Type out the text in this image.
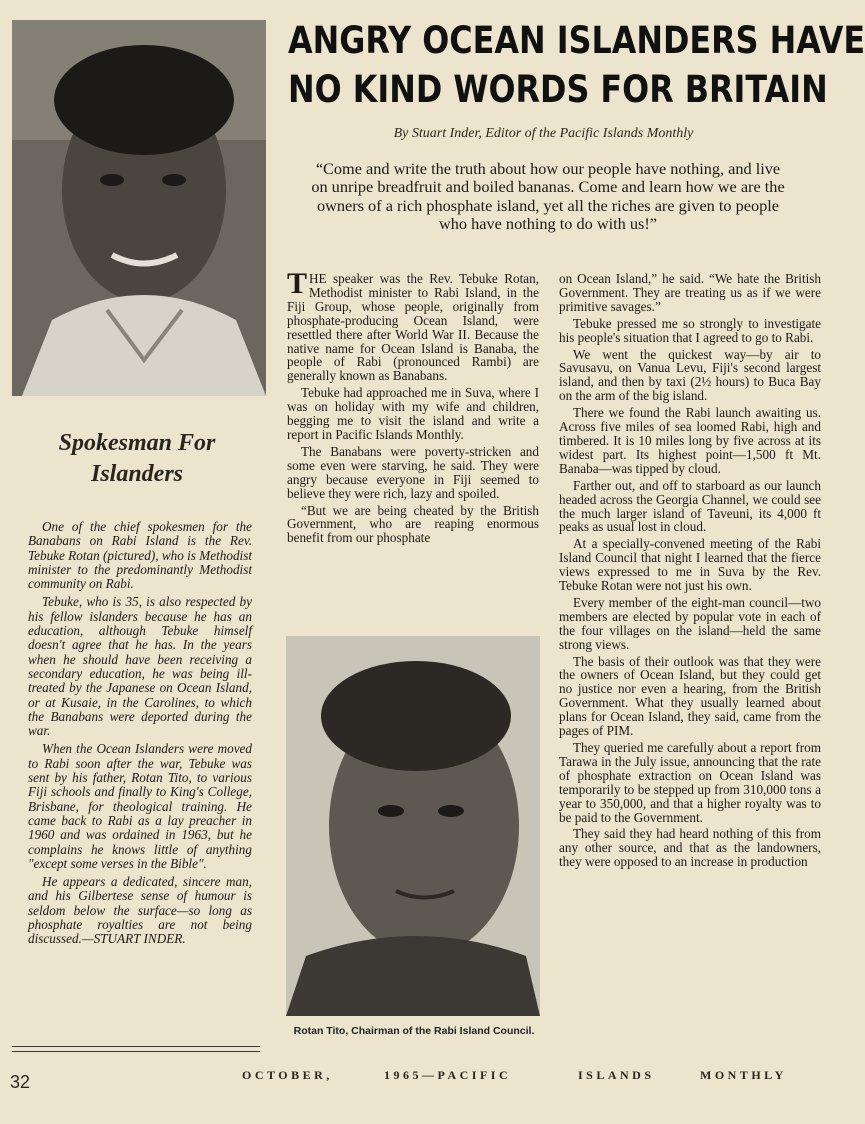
ANGRY OCEAN ISLANDERS HAVE
NO KIND WORDS FOR BRITAIN
By Stuart Inder, Editor of the Pacific Islands Monthly
“Come and write the truth about how our people have nothing, and live on unripe breadfruit and boiled bananas. Come and learn how we are the owners of a rich phosphate island, yet all the riches are given to people who have nothing to do with us!”
Spokesman For
Islanders

One of the chief spokesmen for the Banabans on Rabi Island is the Rev. Tebuke Rotan (pictured), who is Methodist minister to the predominantly Methodist community on Rabi.

Tebuke, who is 35, is also respected by his fellow islanders because he has an education, although Tebuke himself doesn't agree that he has. In the years when he should have been receiving a secondary education, he was being ill-treated by the Japanese on Ocean Island, or at Kusaie, in the Carolines, to which the Banabans were deported during the war.

When the Ocean Islanders were moved to Rabi soon after the war, Tebuke was sent by his father, Rotan Tito, to various Fiji schools and finally to King's College, Brisbane, for theological training. He came back to Rabi as a lay preacher in 1960 and was ordained in 1963, but he complains he knows little of anything "except some verses in the Bible".

He appears a dedicated, sincere man, and his Gilbertese sense of humour is seldom below the surface—so long as phosphate royalties are not being discussed.—STUART INDER.

THE speaker was the Rev. Tebuke Rotan, Methodist minister to Rabi Island, in the Fiji Group, whose people, originally from phosphate-producing Ocean Island, were resettled there after World War II. Because the native name for Ocean Island is Banaba, the people of Rabi (pronounced Rambi) are generally known as Banabans.

Tebuke had approached me in Suva, where I was on holiday with my wife and children, begging me to visit the island and write a report in Pacific Islands Monthly.

The Banabans were poverty-stricken and some even were starving, he said. They were angry because everyone in Fiji seemed to believe they were rich, lazy and spoiled.

“But we are being cheated by the British Government, who are reaping enormous benefit from our phosphate

Rotan Tito, Chairman of the Rabi Island Council.

on Ocean Island,” he said. “We hate the British Government. They are treating us as if we were primitive savages.”

Tebuke pressed me so strongly to investigate his people's situation that I agreed to go to Rabi.

We went the quickest way—by air to Savusavu, on Vanua Levu, Fiji's second largest island, and then by taxi (2½ hours) to Buca Bay on the arm of the big island.

There we found the Rabi launch awaiting us. Across five miles of sea loomed Rabi, high and timbered. It is 10 miles long by five across at its widest part. Its highest point—1,500 ft Mt. Banaba—was tipped by cloud.

Farther out, and off to starboard as our launch headed across the Georgia Channel, we could see the much larger island of Taveuni, its 4,000 ft peaks as usual lost in cloud.

At a specially-convened meeting of the Rabi Island Council that night I learned that the fierce views expressed to me in Suva by the Rev. Tebuke Rotan were not just his own.

Every member of the eight-man council—two members are elected by popular vote in each of the four villages on the island—held the same strong views.

The basis of their outlook was that they were the owners of Ocean Island, but they could get no justice nor even a hearing, from the British Government. What they usually learned about plans for Ocean Island, they said, came from the pages of PIM.

They queried me carefully about a report from Tarawa in the July issue, announcing that the rate of phosphate extraction on Ocean Island was temporarily to be stepped up from 310,000 tons a year to 350,000, and that a higher royalty was to be paid to the Government.

They said they had heard nothing of this from any other source, and that as the landowners, they were opposed to an increase in production

32	OCTOBER,	1965—PACIFIC	ISLANDS	MONTHLY
